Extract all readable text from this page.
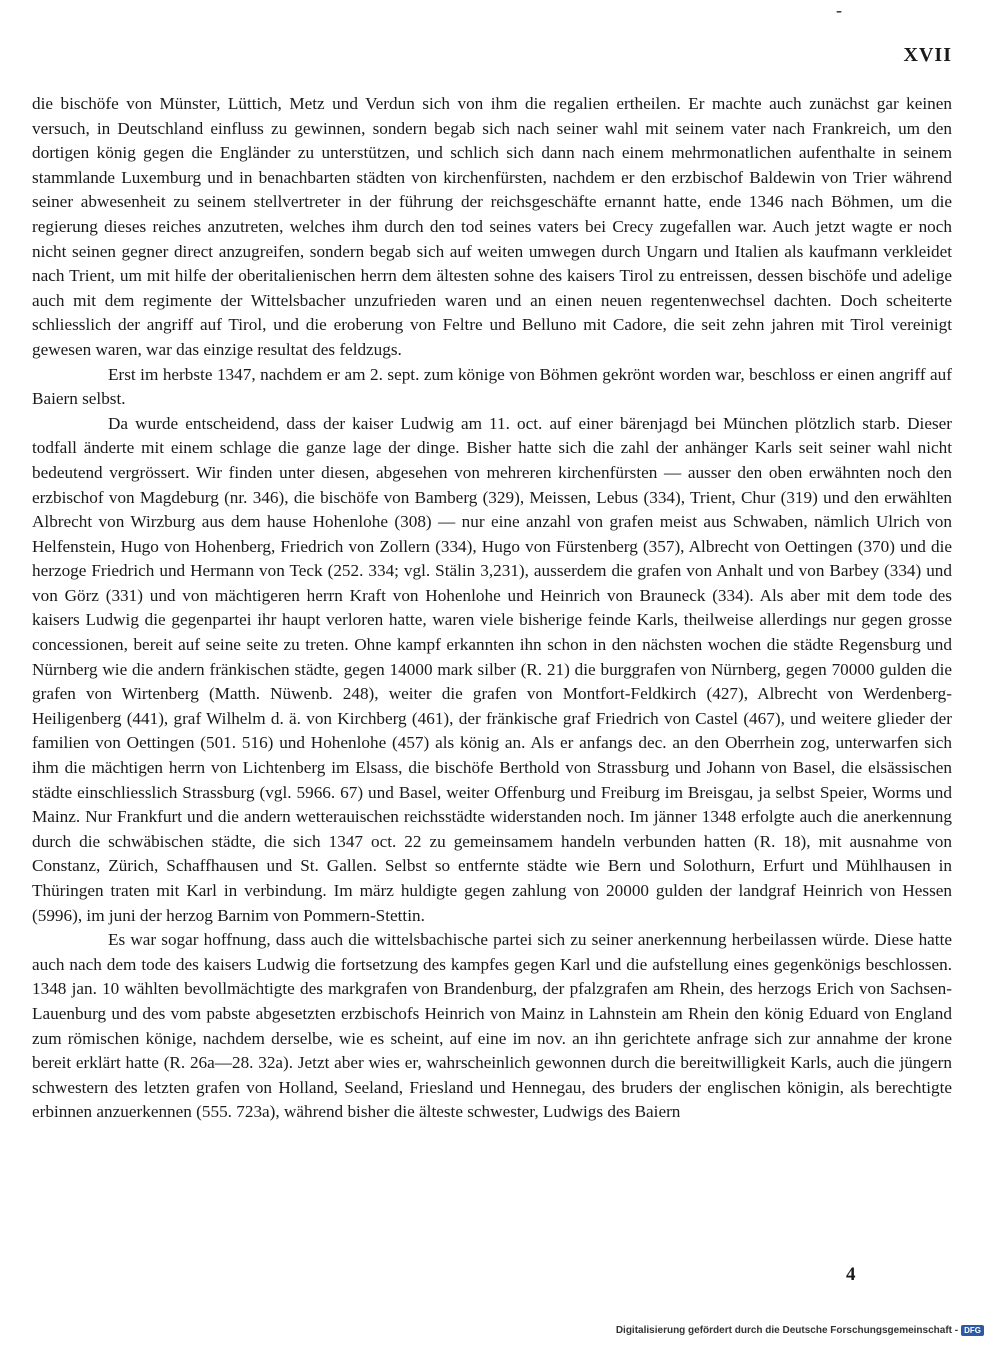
-
XVII

die bischöfe von Münster, Lüttich, Metz und Verdun sich von ihm die regalien ertheilen. Er machte auch zunächst gar keinen versuch, in Deutschland einfluss zu gewinnen, sondern begab sich nach seiner wahl mit seinem vater nach Frankreich, um den dortigen könig gegen die Engländer zu unterstützen, und schlich sich dann nach einem mehrmonatlichen aufenthalte in seinem stammlande Luxemburg und in benachbarten städten von kirchenfürsten, nachdem er den erzbischof Baldewin von Trier während seiner abwesenheit zu seinem stellvertreter in der führung der reichsgeschäfte ernannt hatte, ende 1346 nach Böhmen, um die regierung dieses reiches anzutreten, welches ihm durch den tod seines vaters bei Crecy zugefallen war. Auch jetzt wagte er noch nicht seinen gegner direct anzugreifen, sondern begab sich auf weiten umwegen durch Ungarn und Italien als kaufmann verkleidet nach Trient, um mit hilfe der oberitalienischen herrn dem ältesten sohne des kaisers Tirol zu entreissen, dessen bischöfe und adelige auch mit dem regimente der Wittelsbacher unzufrieden waren und an einen neuen regentenwechsel dachten. Doch scheiterte schliesslich der angriff auf Tirol, und die eroberung von Feltre und Belluno mit Cadore, die seit zehn jahren mit Tirol vereinigt gewesen waren, war das einzige resultat des feldzugs.

Erst im herbste 1347, nachdem er am 2. sept. zum könige von Böhmen gekrönt worden war, beschloss er einen angriff auf Baiern selbst.

Da wurde entscheidend, dass der kaiser Ludwig am 11. oct. auf einer bärenjagd bei München plötzlich starb. Dieser todfall änderte mit einem schlage die ganze lage der dinge. Bisher hatte sich die zahl der anhänger Karls seit seiner wahl nicht bedeutend vergrössert. Wir finden unter diesen, abgesehen von mehreren kirchenfürsten — ausser den oben erwähnten noch den erzbischof von Magdeburg (nr. 346), die bischöfe von Bamberg (329), Meissen, Lebus (334), Trient, Chur (319) und den erwählten Albrecht von Wirzburg aus dem hause Hohenlohe (308) — nur eine anzahl von grafen meist aus Schwaben, nämlich Ulrich von Helfenstein, Hugo von Hohenberg, Friedrich von Zollern (334), Hugo von Fürstenberg (357), Albrecht von Oettingen (370) und die herzoge Friedrich und Hermann von Teck (252. 334; vgl. Stälin 3,231), ausserdem die grafen von Anhalt und von Barbey (334) und von Görz (331) und von mächtigeren herrn Kraft von Hohenlohe und Heinrich von Brauneck (334). Als aber mit dem tode des kaisers Ludwig die gegenpartei ihr haupt verloren hatte, waren viele bisherige feinde Karls, theilweise allerdings nur gegen grosse concessionen, bereit auf seine seite zu treten. Ohne kampf erkannten ihn schon in den nächsten wochen die städte Regensburg und Nürnberg wie die andern fränkischen städte, gegen 14000 mark silber (R. 21) die burggrafen von Nürnberg, gegen 70000 gulden die grafen von Wirtenberg (Matth. Nüwenb. 248), weiter die grafen von Montfort-Feldkirch (427), Albrecht von Werdenberg-Heiligenberg (441), graf Wilhelm d. ä. von Kirchberg (461), der fränkische graf Friedrich von Castel (467), und weitere glieder der familien von Oettingen (501. 516) und Hohenlohe (457) als könig an. Als er anfangs dec. an den Oberrhein zog, unterwarfen sich ihm die mächtigen herrn von Lichtenberg im Elsass, die bischöfe Berthold von Strassburg und Johann von Basel, die elsässischen städte einschliesslich Strassburg (vgl. 5966. 67) und Basel, weiter Offenburg und Freiburg im Breisgau, ja selbst Speier, Worms und Mainz. Nur Frankfurt und die andern wetterauischen reichsstädte widerstanden noch. Im jänner 1348 erfolgte auch die anerkennung durch die schwäbischen städte, die sich 1347 oct. 22 zu gemeinsamem handeln verbunden hatten (R. 18), mit ausnahme von Constanz, Zürich, Schaffhausen und St. Gallen. Selbst so entfernte städte wie Bern und Solothurn, Erfurt und Mühlhausen in Thüringen traten mit Karl in verbindung. Im märz huldigte gegen zahlung von 20000 gulden der landgraf Heinrich von Hessen (5996), im juni der herzog Barnim von Pommern-Stettin.

Es war sogar hoffnung, dass auch die wittelsbachische partei sich zu seiner anerkennung herbeilassen würde. Diese hatte auch nach dem tode des kaisers Ludwig die fortsetzung des kampfes gegen Karl und die aufstellung eines gegenkönigs beschlossen. 1348 jan. 10 wählten bevollmächtigte des markgrafen von Brandenburg, der pfalzgrafen am Rhein, des herzogs Erich von Sachsen-Lauenburg und des vom pabste abgesetzten erzbischofs Heinrich von Mainz in Lahnstein am Rhein den könig Eduard von England zum römischen könige, nachdem derselbe, wie es scheint, auf eine im nov. an ihn gerichtete anfrage sich zur annahme der krone bereit erklärt hatte (R. 26a—28. 32a). Jetzt aber wies er, wahrscheinlich gewonnen durch die bereitwilligkeit Karls, auch die jüngern schwestern des letzten grafen von Holland, Seeland, Friesland und Hennegau, des bruders der englischen königin, als berechtigte erbinnen anzuerkennen (555. 723a), während bisher die älteste schwester, Ludwigs des Baiern

4
Digitalisierung gefördert durch die Deutsche Forschungsgemeinschaft - DFG
